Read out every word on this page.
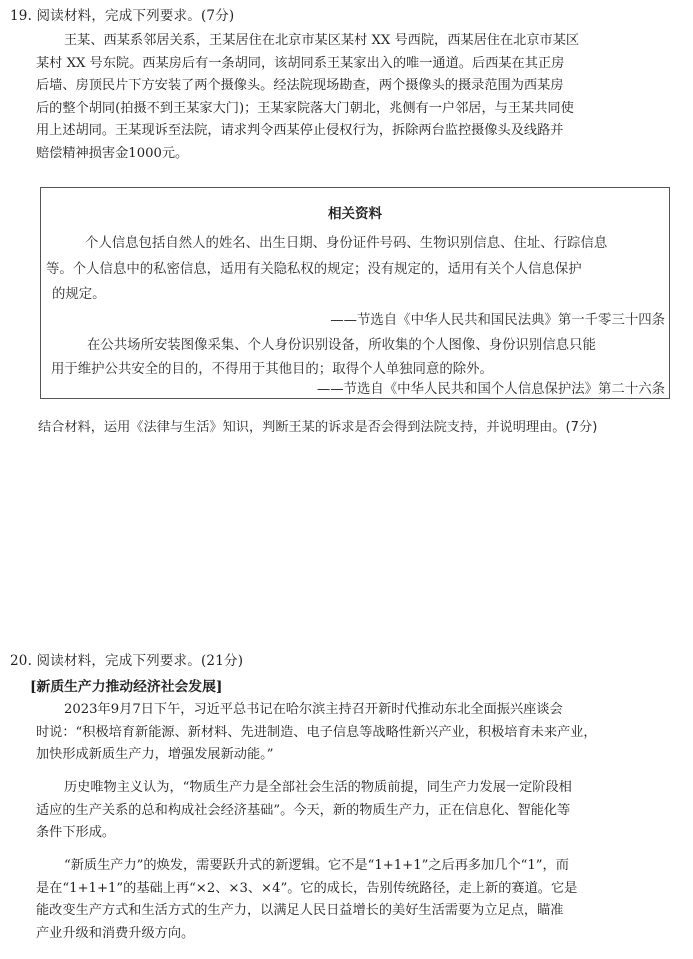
19. 阅读材料，完成下列要求。(7分)
王某、西某系邻居关系，王某居住在北京市某区某村 XX 号西院，西某居住在北京市某区
某村 XX 号东院。西某房后有一条胡同，该胡同系王某家出入的唯一通道。后西某在其正房
后墙、房顶民片下方安装了两个摄像头。经法院现场勘查，两个摄像头的摄录范围为西某房
后的整个胡同(拍摄不到王某家大门)；王某家院落大门朝北，兆侧有一户邻居，与王某共同使
用上述胡同。王某现诉至法院，请求判令西某停止侵权行为，拆除两台监控摄像头及线路并
赔偿精神损害金1000元。
相关资料
个人信息包括自然人的姓名、出生日期、身份证件号码、生物识别信息、住址、行踪信息
等。个人信息中的私密信息，适用有关隐私权的规定；没有规定的，适用有关个人信息保护
的规定。
——节选自《中华人民共和国民法典》第一千零三十四条
在公共场所安装图像采集、个人身份识别设备，所收集的个人图像、身份识别信息只能
用于维护公共安全的目的，不得用于其他目的；取得个人单独同意的除外。
——节选自《中华人民共和国个人信息保护法》第二十六条
结合材料，运用《法律与生活》知识，判断王某的诉求是否会得到法院支持，并说明理由。(7分)
20. 阅读材料，完成下列要求。(21分)
[新质生产力推动经济社会发展]
2023年9月7日下午，习近平总书记在哈尔滨主持召开新时代推动东北全面振兴座谈会
时说：“积极培育新能源、新材料、先进制造、电子信息等战略性新兴产业，积极培育未来产业，
加快形成新质生产力，增强发展新动能。”
历史唯物主义认为，“物质生产力是全部社会生活的物质前提，同生产力发展一定阶段相
适应的生产关系的总和构成社会经济基础”。今天，新的物质生产力，正在信息化、智能化等
条件下形成。
“新质生产力”的焕发，需要跃升式的新逻辑。它不是“1+1+1”之后再多加几个“1”，而
是在“1+1+1”的基础上再“×2、×3、×4”。它的成长，告别传统路径，走上新的赛道。它是
能改变生产方式和生活方式的生产力，以满足人民日益增长的美好生活需要为立足点，瞄准
产业升级和消费升级方向。
